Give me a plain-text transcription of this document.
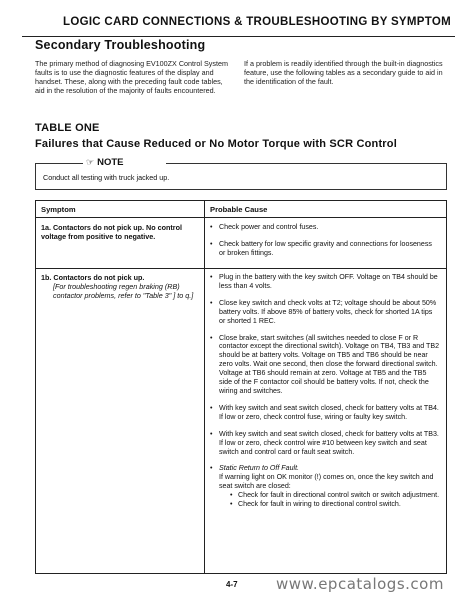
LOGIC CARD CONNECTIONS & TROUBLESHOOTING BY SYMPTOM
Secondary Troubleshooting
The primary method of diagnosing EV100ZX Control System faults is to use the diagnostic features of the display and handset. These, along with the preceding fault code tables, aid in the resolution of the majority of faults encountered.
If a problem is readily identified through the built-in diagnostics feature, use the following tables as a secondary guide to aid in the identification of the fault.
TABLE ONE
Failures that Cause Reduced or No Motor Torque with SCR Control
☞ NOTE
Conduct all testing with truck jacked up.
Symptom	Probable Cause
1a. Contactors do not pick up. No control voltage from positive to negative.
• Check power and control fuses.
• Check battery for low specific gravity and connections for looseness or broken fittings.
1b. Contactors do not pick up.
[For troubleshooting regen braking (RB) contactor problems, refer to "Table 3" ] to q.]
• Plug in the battery with the key switch OFF. Voltage on TB4 should be less than 4 volts.
• Close key switch and check volts at T2; voltage should be about 50% battery volts. If above 85% of battery volts, check for shorted 1A tips or shorted 1 REC.
• Close brake, start switches (all switches needed to close F or R contactor except the directional switch). Voltage on TB4, TB3 and TB2 should be at battery volts. Voltage on TB5 and TB6 should be near zero volts. Wait one second, then close the forward directional switch. Voltage at TB6 should remain at zero. Voltage at TB5 and the TB5 side of the F contactor coil should be battery volts. If not, check the wiring and switches.
• With key switch and seat switch closed, check for battery volts at TB4. If low or zero, check control fuse, wiring or faulty key switch.
• With key switch and seat switch closed, check for battery volts at TB3. If low or zero, check control wire #10 between key switch and seat switch and control card or fault seat switch.
• Static Return to Off Fault.
If warning light on OK monitor (!) comes on, once the key switch and seat switch are closed:
• Check for fault in directional control switch or switch adjustment.
• Check for fault in wiring to directional control switch.
4-7	www.epcatalogs.com
